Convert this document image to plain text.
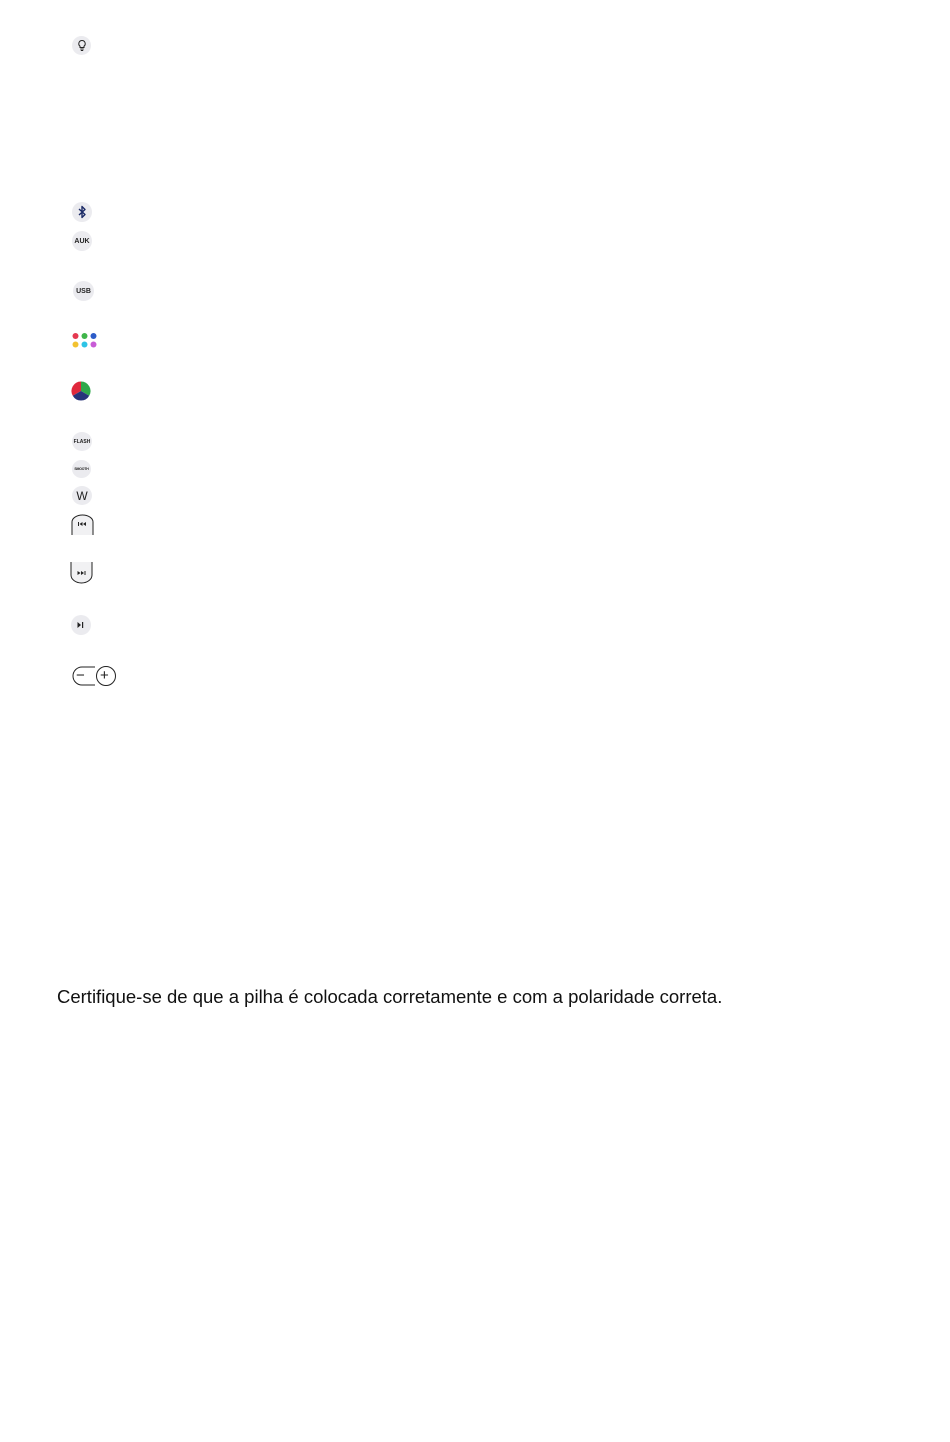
AUK
USB
FLASH
SMOOTH
W
− +
Certifique-se de que a pilha é colocada corretamente e com a polaridade correta.
